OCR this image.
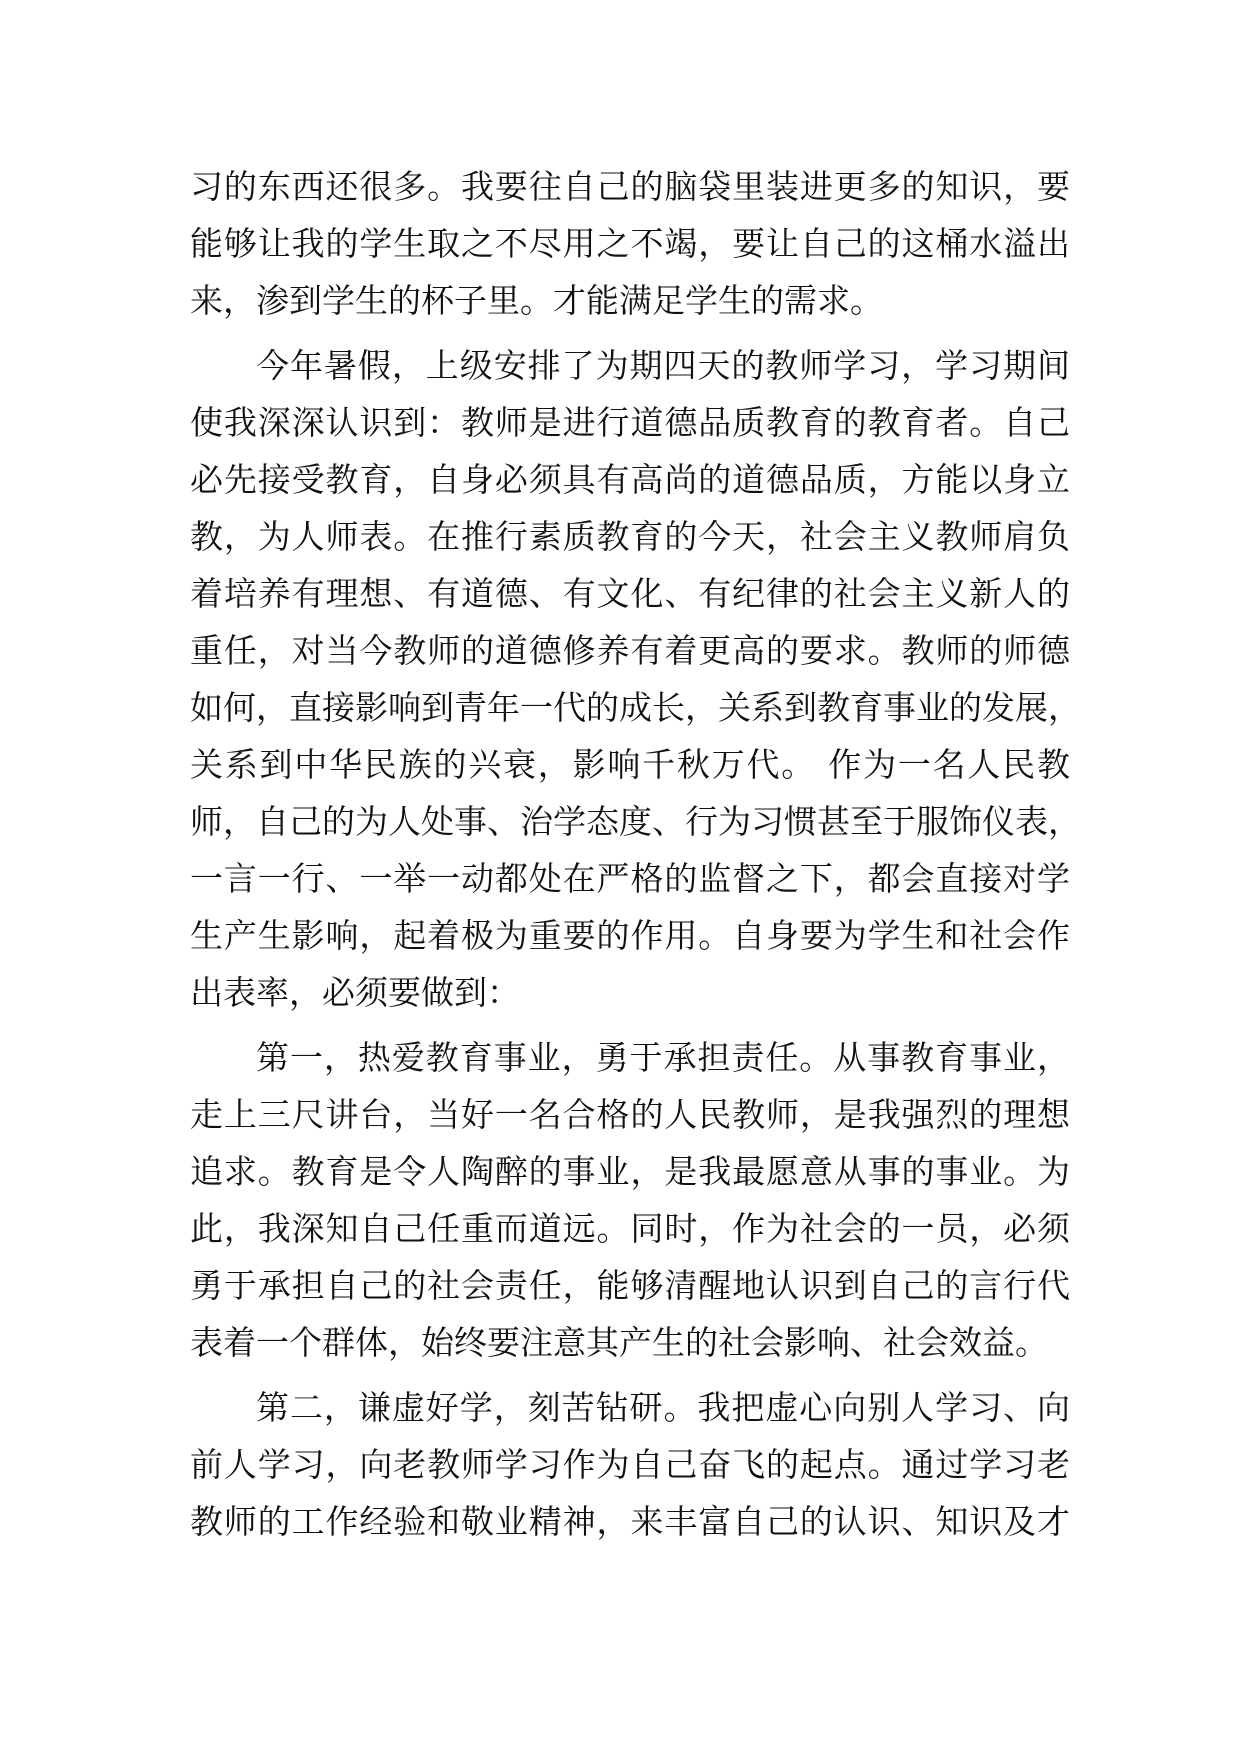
习的东西还很多。我要往自己的脑袋里装进更多的知识，要
能够让我的学生取之不尽用之不竭，要让自己的这桶水溢出
来，渗到学生的杯子里。才能满足学生的需求。
今年暑假，上级安排了为期四天的教师学习，学习期间
使我深深认识到：教师是进行道德品质教育的教育者。自己
必先接受教育，自身必须具有高尚的道德品质，方能以身立
教，为人师表。在推行素质教育的今天，社会主义教师肩负
着培养有理想、有道德、有文化、有纪律的社会主义新人的
重任，对当今教师的道德修养有着更高的要求。教师的师德
如何，直接影响到青年一代的成长，关系到教育事业的发展，
关系到中华民族的兴衰，影响千秋万代。 作为一名人民教
师，自己的为人处事、治学态度、行为习惯甚至于服饰仪表，
一言一行、一举一动都处在严格的监督之下，都会直接对学
生产生影响，起着极为重要的作用。自身要为学生和社会作
出表率，必须要做到：
第一，热爱教育事业，勇于承担责任。从事教育事业，
走上三尺讲台，当好一名合格的人民教师，是我强烈的理想
追求。教育是令人陶醉的事业，是我最愿意从事的事业。为
此，我深知自己任重而道远。同时，作为社会的一员，必须
勇于承担自己的社会责任，能够清醒地认识到自己的言行代
表着一个群体，始终要注意其产生的社会影响、社会效益。
第二，谦虚好学，刻苦钻研。我把虚心向别人学习、向
前人学习，向老教师学习作为自己奋飞的起点。通过学习老
教师的工作经验和敬业精神，来丰富自己的认识、知识及才
